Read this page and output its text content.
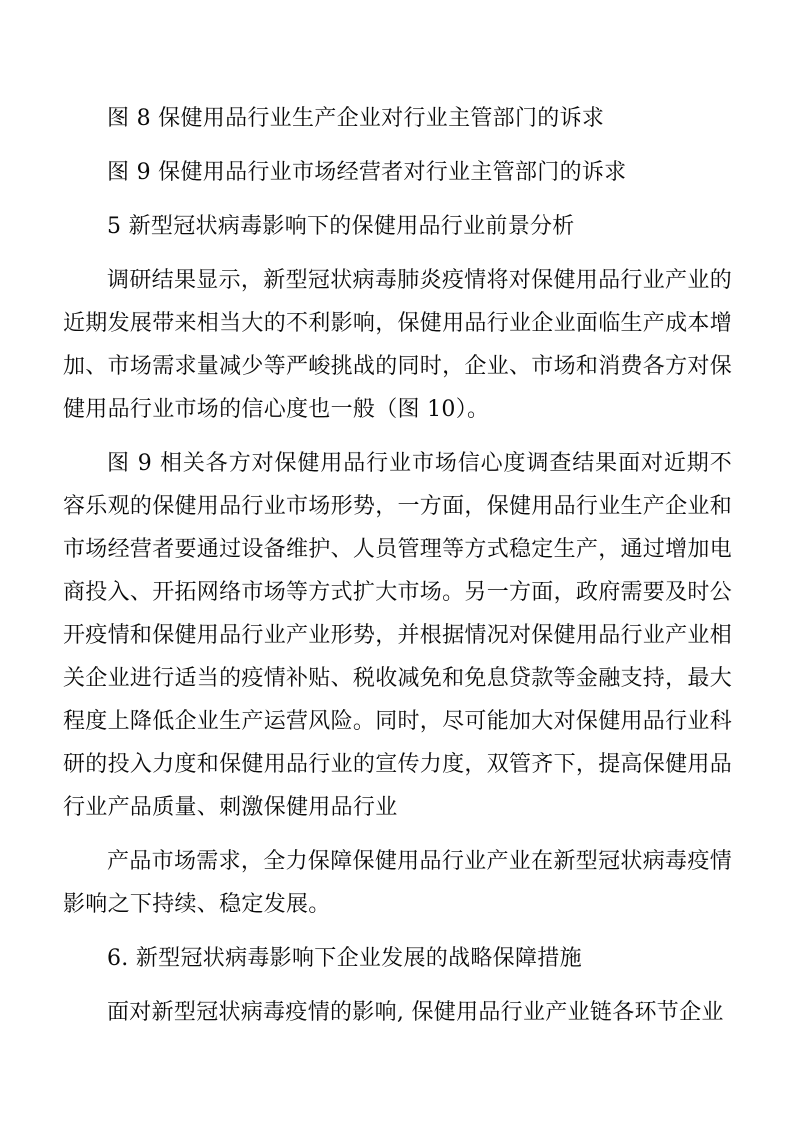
图 8 保健用品行业生产企业对行业主管部门的诉求

图 9 保健用品行业市场经营者对行业主管部门的诉求

5 新型冠状病毒影响下的保健用品行业前景分析

调研结果显示，新型冠状病毒肺炎疫情将对保健用品行业产业的近期发展带来相当大的不利影响，保健用品行业企业面临生产成本增加、市场需求量减少等严峻挑战的同时，企业、市场和消费各方对保健用品行业市场的信心度也一般（图 10）。

图 9 相关各方对保健用品行业市场信心度调查结果面对近期不容乐观的保健用品行业市场形势，一方面，保健用品行业生产企业和市场经营者要通过设备维护、人员管理等方式稳定生产，通过增加电商投入、开拓网络市场等方式扩大市场。另一方面，政府需要及时公开疫情和保健用品行业产业形势，并根据情况对保健用品行业产业相关企业进行适当的疫情补贴、税收减免和免息贷款等金融支持，最大程度上降低企业生产运营风险。同时，尽可能加大对保健用品行业科研的投入力度和保健用品行业的宣传力度，双管齐下，提高保健用品行业产品质量、刺激保健用品行业

产品市场需求，全力保障保健用品行业产业在新型冠状病毒疫情影响之下持续、稳定发展。

6. 新型冠状病毒影响下企业发展的战略保障措施

面对新型冠状病毒疫情的影响, 保健用品行业产业链各环节企业
